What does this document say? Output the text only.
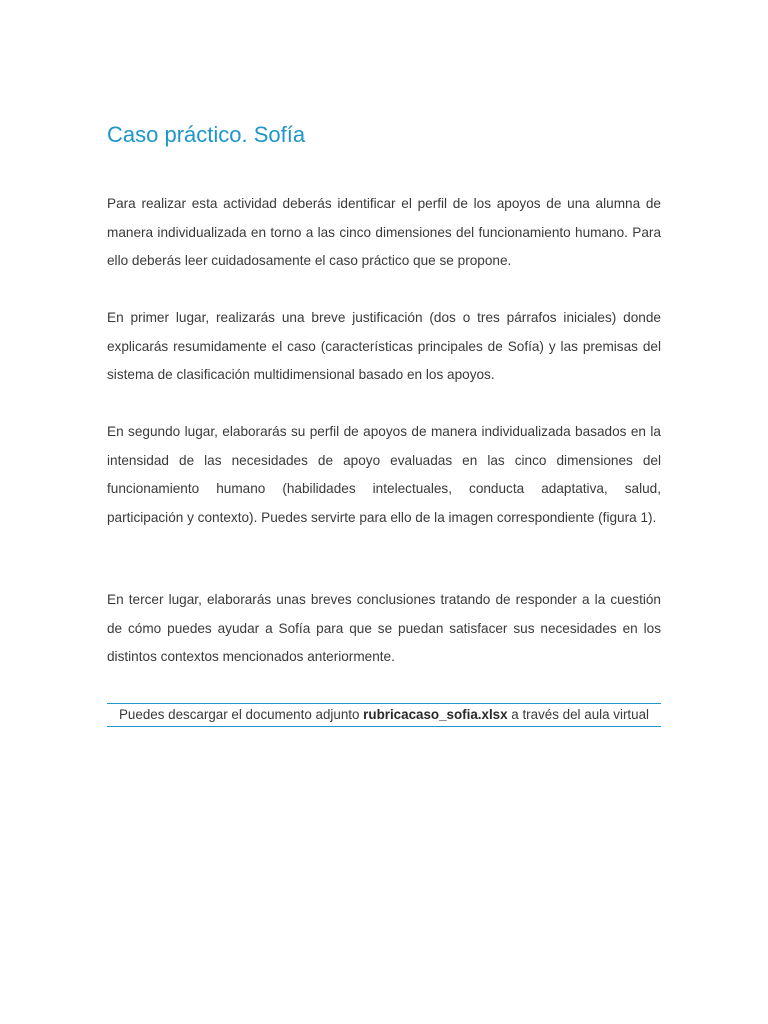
Caso práctico. Sofía

Para realizar esta actividad deberás identificar el perfil de los apoyos de una alumna de manera individualizada en torno a las cinco dimensiones del funcionamiento humano. Para ello deberás leer cuidadosamente el caso práctico que se propone.

En primer lugar, realizarás una breve justificación (dos o tres párrafos iniciales) donde explicarás resumidamente el caso (características principales de Sofía) y las premisas del sistema de clasificación multidimensional basado en los apoyos.

En segundo lugar, elaborarás su perfil de apoyos de manera individualizada basados en la intensidad de las necesidades de apoyo evaluadas en las cinco dimensiones del funcionamiento humano (habilidades intelectuales, conducta adaptativa, salud, participación y contexto). Puedes servirte para ello de la imagen correspondiente (figura 1).

En tercer lugar, elaborarás unas breves conclusiones tratando de responder a la cuestión de cómo puedes ayudar a Sofía para que se puedan satisfacer sus necesidades en los distintos contextos mencionados anteriormente.

Puedes descargar el documento adjunto rubricacaso_sofia.xlsx a través del aula virtual
